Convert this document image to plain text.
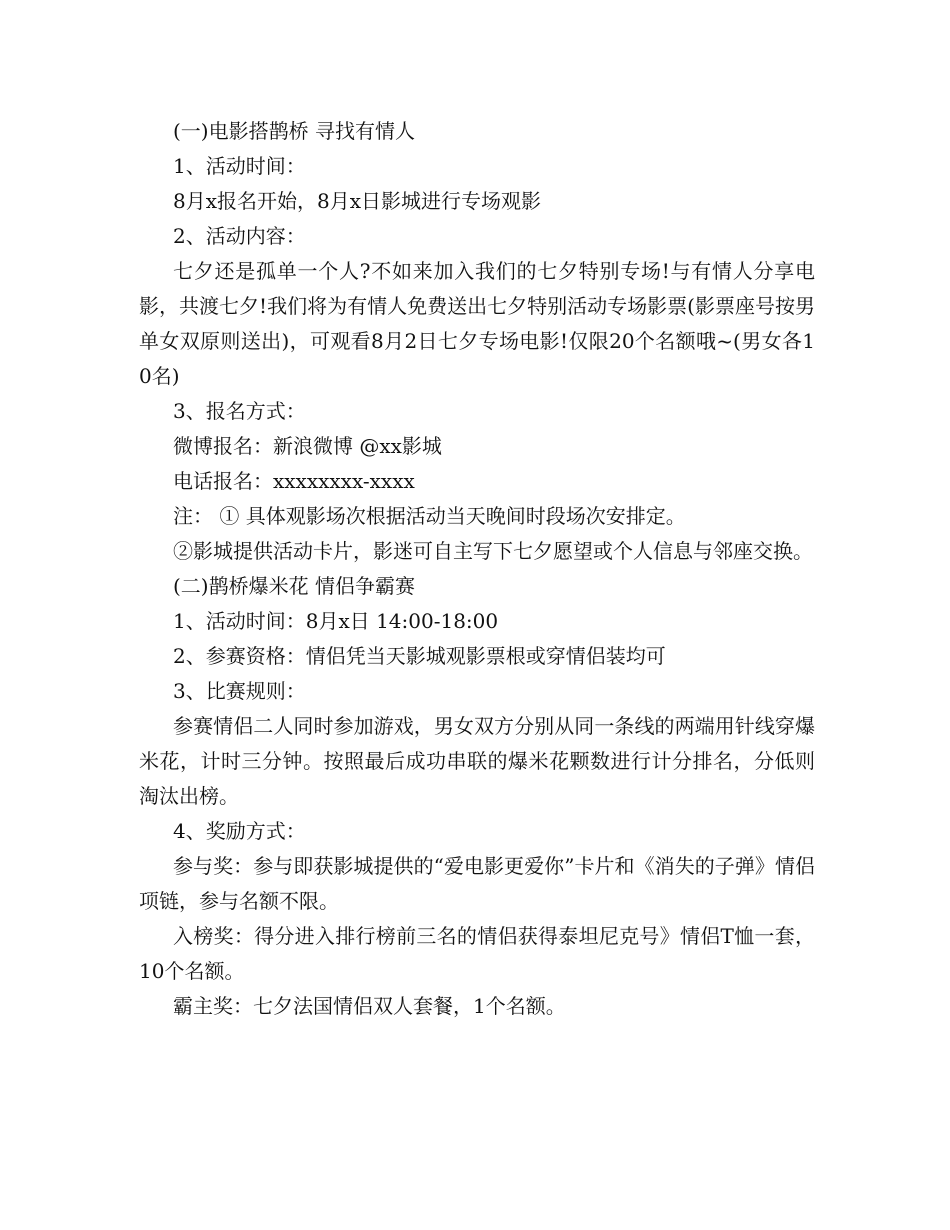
(一)电影搭鹊桥 寻找有情人

1、活动时间：

8月x报名开始，8月x日影城进行专场观影

2、活动内容：

七夕还是孤单一个人?不如来加入我们的七夕特别专场!与有情人分享电影，共渡七夕!我们将为有情人免费送出七夕特别活动专场影票(影票座号按男单女双原则送出)，可观看8月2日七夕专场电影!仅限20个名额哦~(男女各10名)

3、报名方式：

微博报名：新浪微博 @xx影城

电话报名：xxxxxxxx-xxxx

注： ① 具体观影场次根据活动当天晚间时段场次安排定。

②影城提供活动卡片，影迷可自主写下七夕愿望或个人信息与邻座交换。

(二)鹊桥爆米花 情侣争霸赛

1、活动时间：8月x日 14:00-18:00

2、参赛资格：情侣凭当天影城观影票根或穿情侣装均可

3、比赛规则：

参赛情侣二人同时参加游戏，男女双方分别从同一条线的两端用针线穿爆米花，计时三分钟。按照最后成功串联的爆米花颗数进行计分排名，分低则淘汰出榜。

4、奖励方式：

参与奖：参与即获影城提供的“爱电影更爱你”卡片和《消失的子弹》情侣项链，参与名额不限。

入榜奖：得分进入排行榜前三名的情侣获得泰坦尼克号》情侣T恤一套，10个名额。

霸主奖：七夕法国情侣双人套餐，1个名额。
